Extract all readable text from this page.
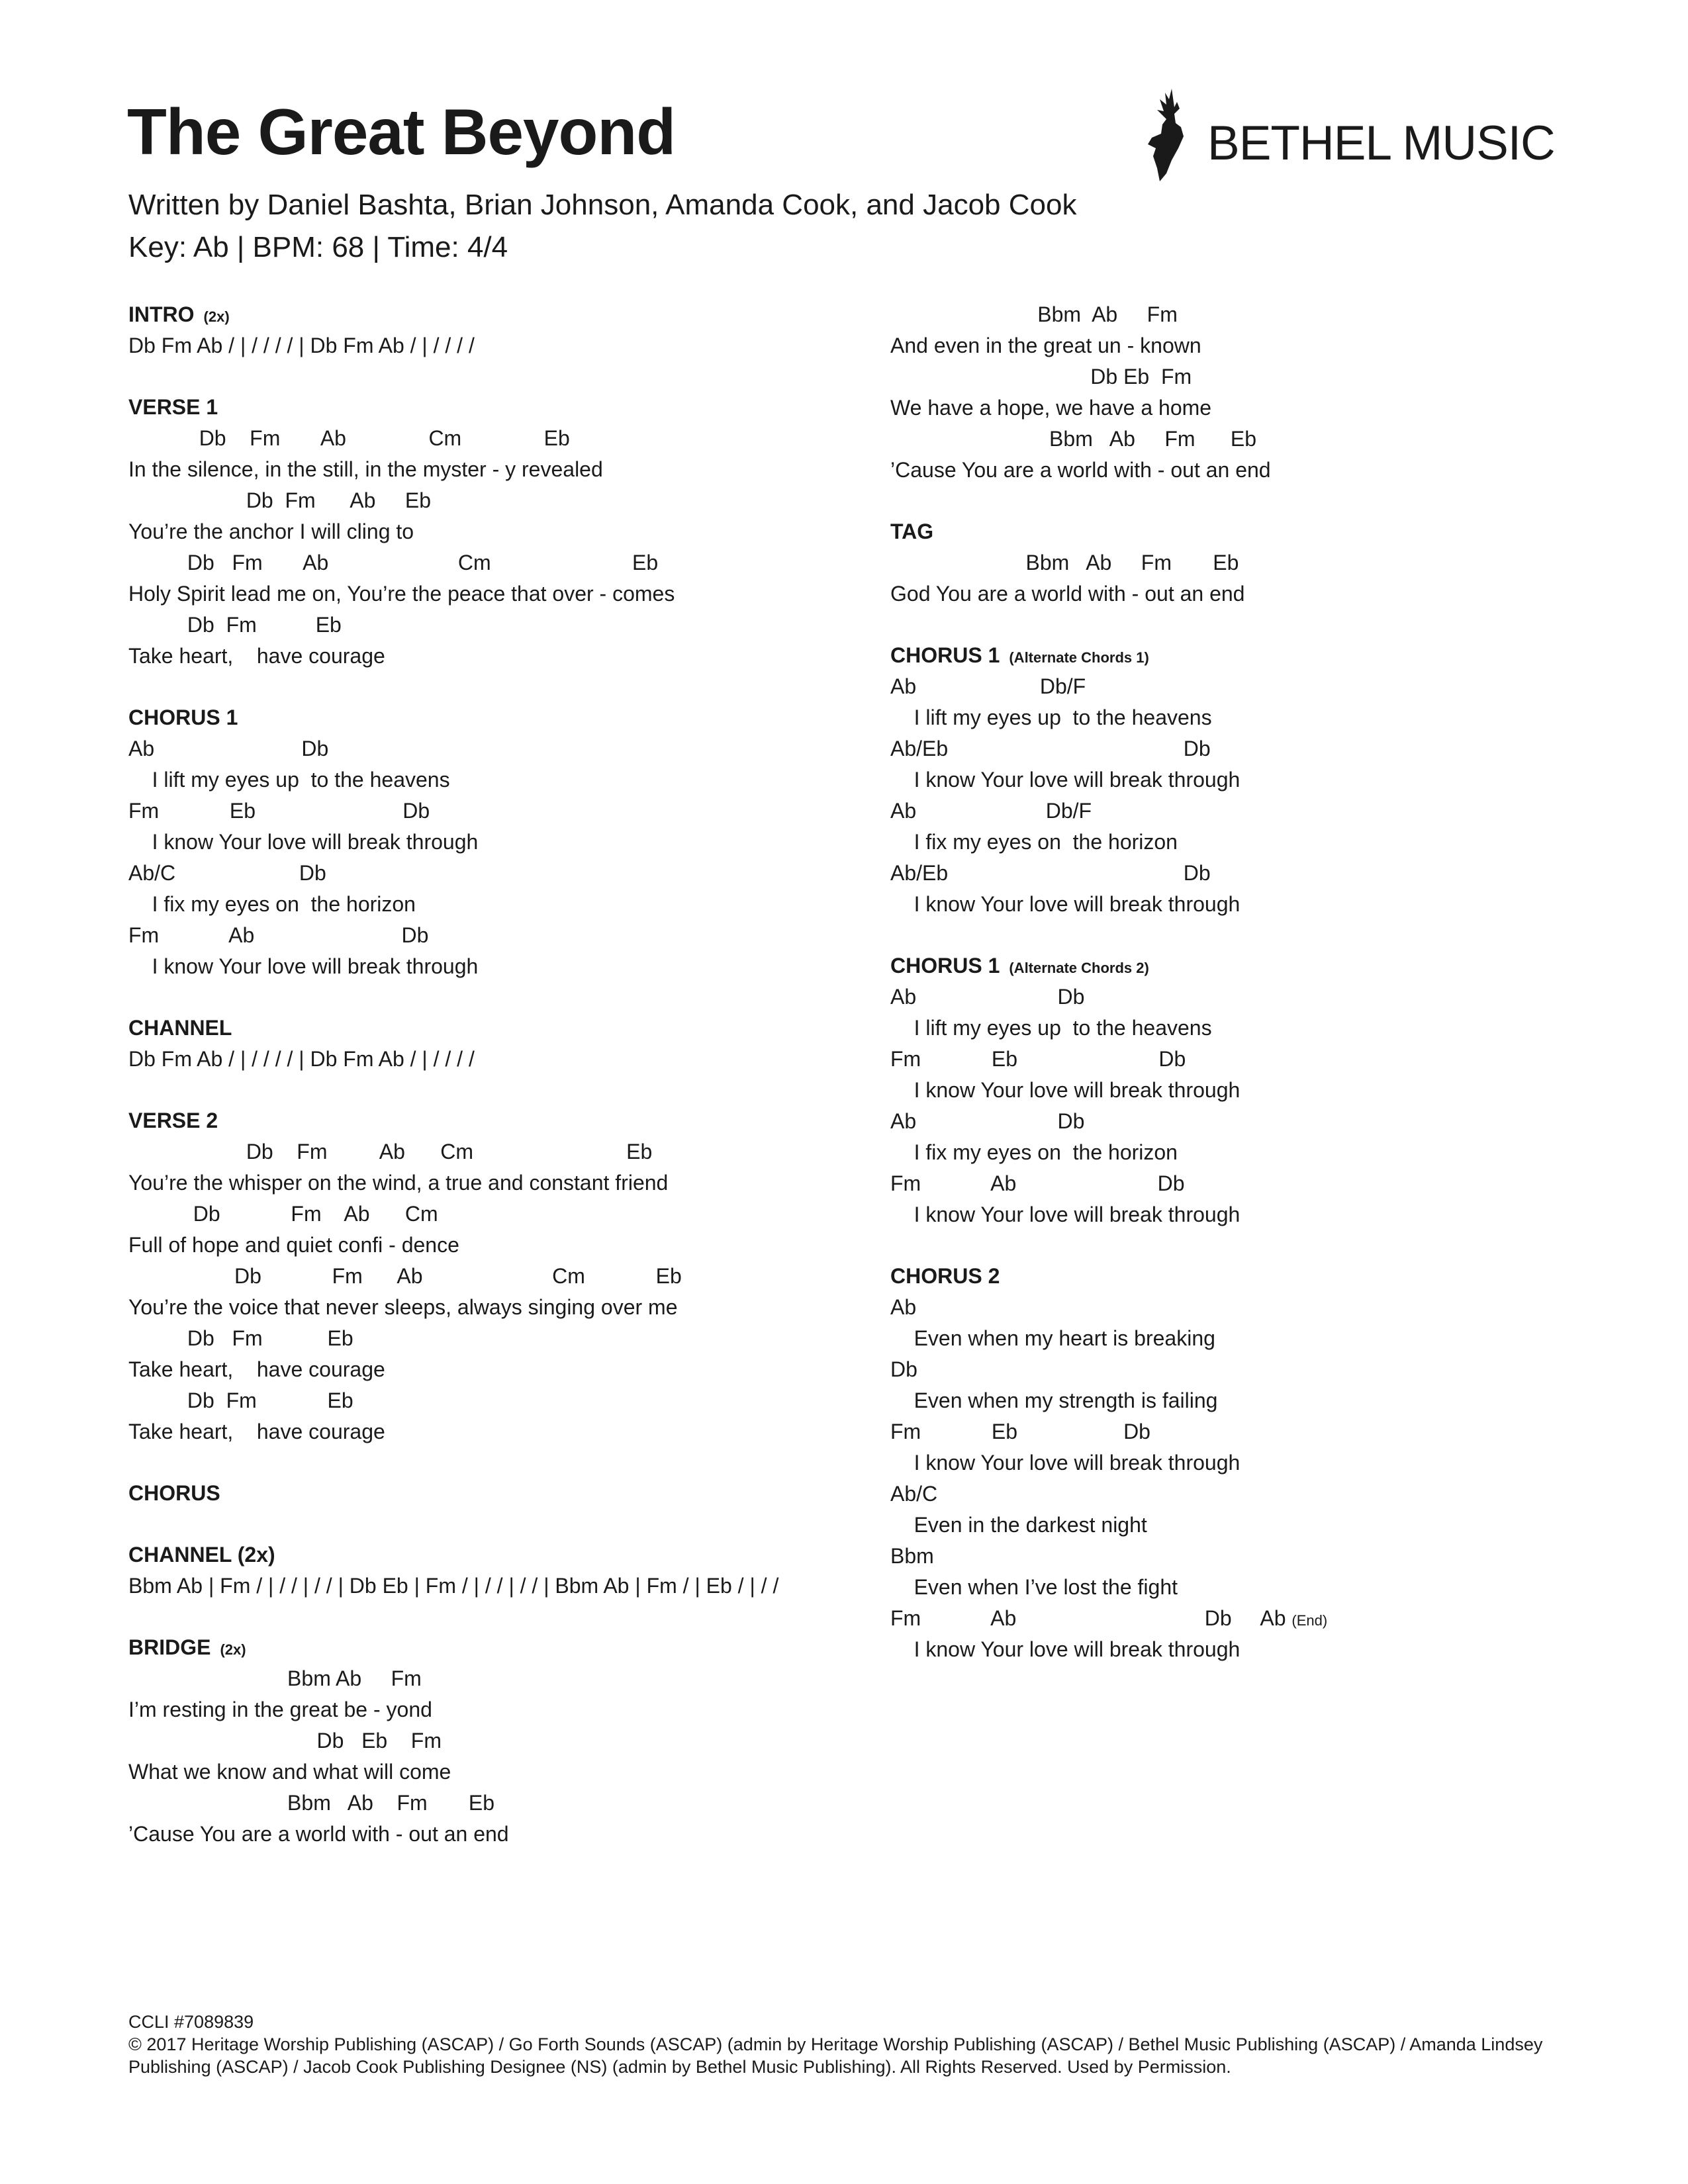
The Great Beyond
Written by Daniel Bashta, Brian Johnson, Amanda Cook, and Jacob Cook
Key: Ab | BPM: 68 | Time: 4/4
BETHEL MUSIC
INTRO (2x)
Db Fm Ab / | / / / / | Db Fm Ab / | / / / /
VERSE 1
Db    Fm       Ab              Cm              Eb
In the silence, in the still, in the myster - y revealed
Db  Fm      Ab     Eb
You’re the anchor I will cling to
Db   Fm       Ab                      Cm                        Eb
Holy Spirit lead me on, You’re the peace that over - comes
Db  Fm          Eb
Take heart,    have courage
CHORUS 1
Ab                         Db
I lift my eyes up  to the heavens
Fm            Eb                         Db
I know Your love will break through
Ab/C                     Db
I fix my eyes on  the horizon
Fm            Ab                         Db
I know Your love will break through
CHANNEL
Db Fm Ab / | / / / / | Db Fm Ab / | / / / /
VERSE 2
Db    Fm         Ab      Cm                          Eb
You’re the whisper on the wind, a true and constant friend
Db            Fm    Ab      Cm
Full of hope and quiet confi - dence
Db            Fm      Ab                      Cm            Eb
You’re the voice that never sleeps, always singing over me
Db   Fm           Eb
Take heart,    have courage
Db  Fm            Eb
Take heart,    have courage
CHORUS
CHANNEL (2x)
Bbm Ab | Fm / | / / | / / | Db Eb | Fm / | / / | / / | Bbm Ab | Fm / | Eb / | / /
BRIDGE (2x)
Bbm Ab     Fm
I’m resting in the great be - yond
Db   Eb    Fm
What we know and what will come
Bbm   Ab    Fm       Eb
’Cause You are a world with - out an end
Bbm  Ab     Fm
And even in the great un - known
Db Eb  Fm
We have a hope, we have a home
Bbm   Ab     Fm      Eb
’Cause You are a world with - out an end
TAG
Bbm   Ab     Fm       Eb
God You are a world with - out an end
CHORUS 1 (Alternate Chords 1)
Ab                     Db/F
I lift my eyes up  to the heavens
Ab/Eb                                        Db
I know Your love will break through
Ab                      Db/F
I fix my eyes on  the horizon
Ab/Eb                                        Db
I know Your love will break through
CHORUS 1 (Alternate Chords 2)
Ab                        Db
I lift my eyes up  to the heavens
Fm            Eb                        Db
I know Your love will break through
Ab                        Db
I fix my eyes on  the horizon
Fm            Ab                        Db
I know Your love will break through
CHORUS 2
Ab
Even when my heart is breaking
Db
Even when my strength is failing
Fm            Eb                  Db
I know Your love will break through
Ab/C
Even in the darkest night
Bbm
Even when I’ve lost the fight
Fm            Ab                                Db     Ab (End)
I know Your love will break through
CCLI #7089839
© 2017 Heritage Worship Publishing (ASCAP) / Go Forth Sounds (ASCAP) (admin by Heritage Worship Publishing (ASCAP) / Bethel Music Publishing (ASCAP) / Amanda Lindsey Publishing (ASCAP) / Jacob Cook Publishing Designee (NS) (admin by Bethel Music Publishing). All Rights Reserved. Used by Permission.
